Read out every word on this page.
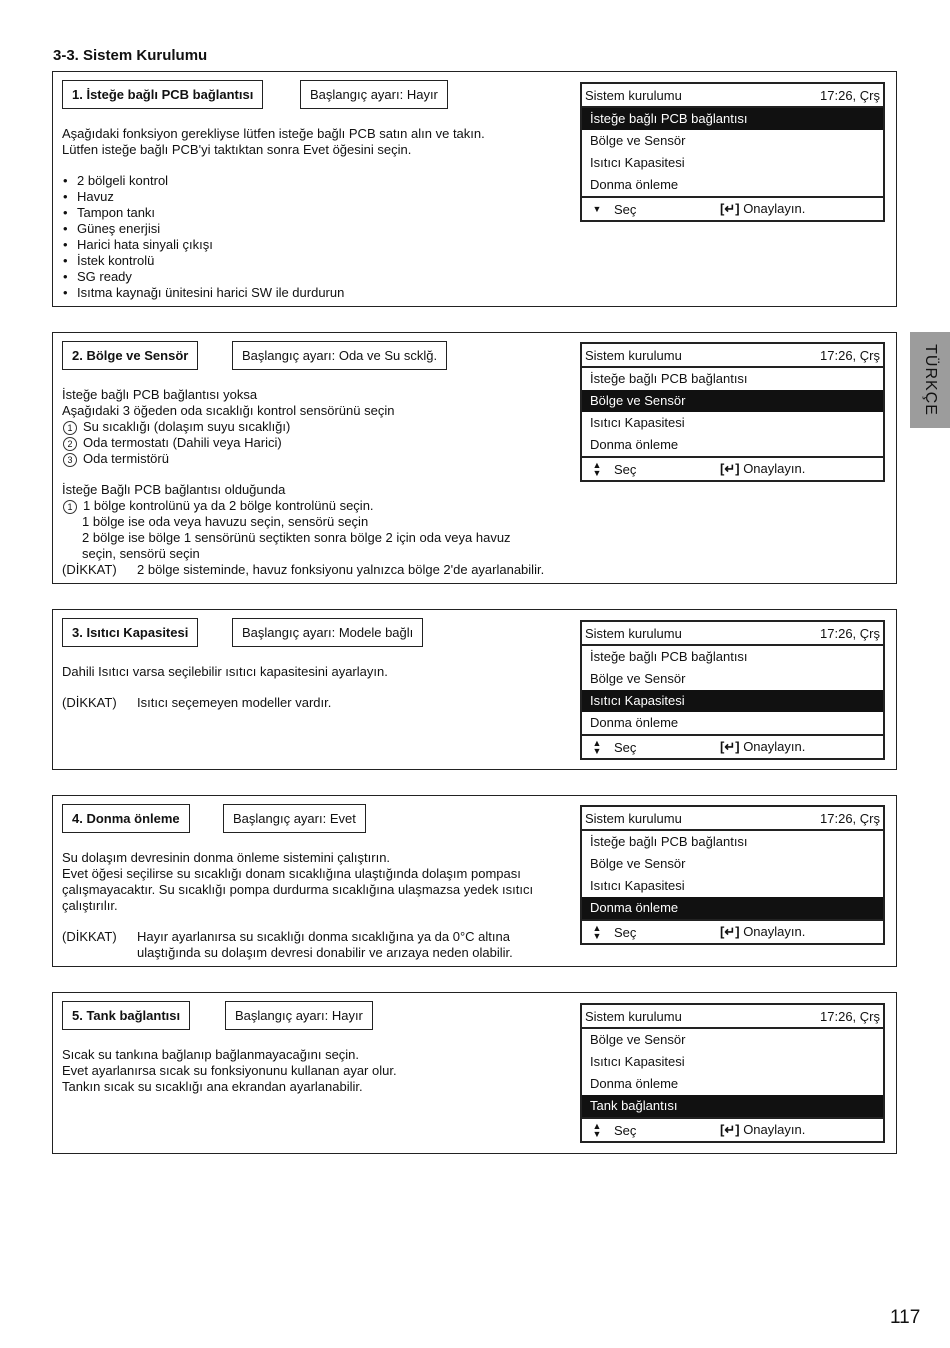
3-3. Sistem Kurulumu
1. İsteğe bağlı PCB bağlantısı	Başlangıç ayarı: Hayır

Aşağıdaki fonksiyon gerekliyse lütfen isteğe bağlı PCB satın alın ve takın.

Lütfen isteğe bağlı PCB'yi taktıktan sonra Evet öğesini seçin.

• 2 bölgeli kontrol
• Havuz
• Tampon tankı
• Güneş enerjisi
• Harici hata sinyali çıkışı
• İstek kontrolü
• SG ready
• Isıtma kaynağı ünitesini harici SW ile durdurun
Sistem kurulumu	17:26, Çrş
İsteğe bağlı PCB bağlantısı
Bölge ve Sensör
Isıtıcı Kapasitesi
Donma önleme
▼ Seç	[↵] Onaylayın.
2. Bölge ve Sensör	Başlangıç ayarı: Oda ve Su scklğ.

İsteğe bağlı PCB bağlantısı yoksa

Aşağıdaki 3 öğeden oda sıcaklığı kontrol sensörünü seçin

1 Su sıcaklığı (dolaşım suyu sıcaklığı)
2 Oda termostatı (Dahili veya Harici)
3 Oda termistörü

İsteğe Bağlı PCB bağlantısı olduğunda

1 1 bölge kontrolünü ya da 2 bölge kontrolünü seçin.
1 bölge ise oda veya havuzu seçin, sensörü seçin
2 bölge ise bölge 1 sensörünü seçtikten sonra bölge 2 için oda veya havuz
seçin, sensörü seçin
(DİKKAT)	2 bölge sisteminde, havuz fonksiyonu yalnızca bölge 2'de ayarlanabilir.
Sistem kurulumu	17:26, Çrş
İsteğe bağlı PCB bağlantısı
Bölge ve Sensör
Isıtıcı Kapasitesi
Donma önleme
▲
▼ Seç	[↵] Onaylayın.
3. Isıtıcı Kapasitesi	Başlangıç ayarı: Modele bağlı

Dahili Isıtıcı varsa seçilebilir ısıtıcı kapasitesini ayarlayın.

(DİKKAT)	Isıtıcı seçemeyen modeller vardır.
Sistem kurulumu	17:26, Çrş
İsteğe bağlı PCB bağlantısı
Bölge ve Sensör
Isıtıcı Kapasitesi
Donma önleme
▲
▼ Seç	[↵] Onaylayın.
4. Donma önleme	Başlangıç ayarı: Evet

Su dolaşım devresinin donma önleme sistemini çalıştırın.

Evet öğesi seçilirse su sıcaklığı donam sıcaklığına ulaştığında dolaşım pompası

çalışmayacaktır. Su sıcaklığı pompa durdurma sıcaklığına ulaşmazsa yedek ısıtıcı

çalıştırılır.

(DİKKAT)	Hayır ayarlanırsa su sıcaklığı donma sıcaklığına ya da 0°C altına
ulaştığında su dolaşım devresi donabilir ve arızaya neden olabilir.
Sistem kurulumu	17:26, Çrş
İsteğe bağlı PCB bağlantısı
Bölge ve Sensör
Isıtıcı Kapasitesi
Donma önleme
▲
▼ Seç	[↵] Onaylayın.
5. Tank bağlantısı	Başlangıç ayarı: Hayır

Sıcak su tankına bağlanıp bağlanmayacağını seçin.

Evet ayarlanırsa sıcak su fonksiyonunu kullanan ayar olur.

Tankın sıcak su sıcaklığı ana ekrandan ayarlanabilir.

Sistem kurulumu	17:26, Çrş
Bölge ve Sensör
Isıtıcı Kapasitesi
Donma önleme
Tank bağlantısı
▲
▼ Seç	[↵] Onaylayın.
TÜRKÇE
117
